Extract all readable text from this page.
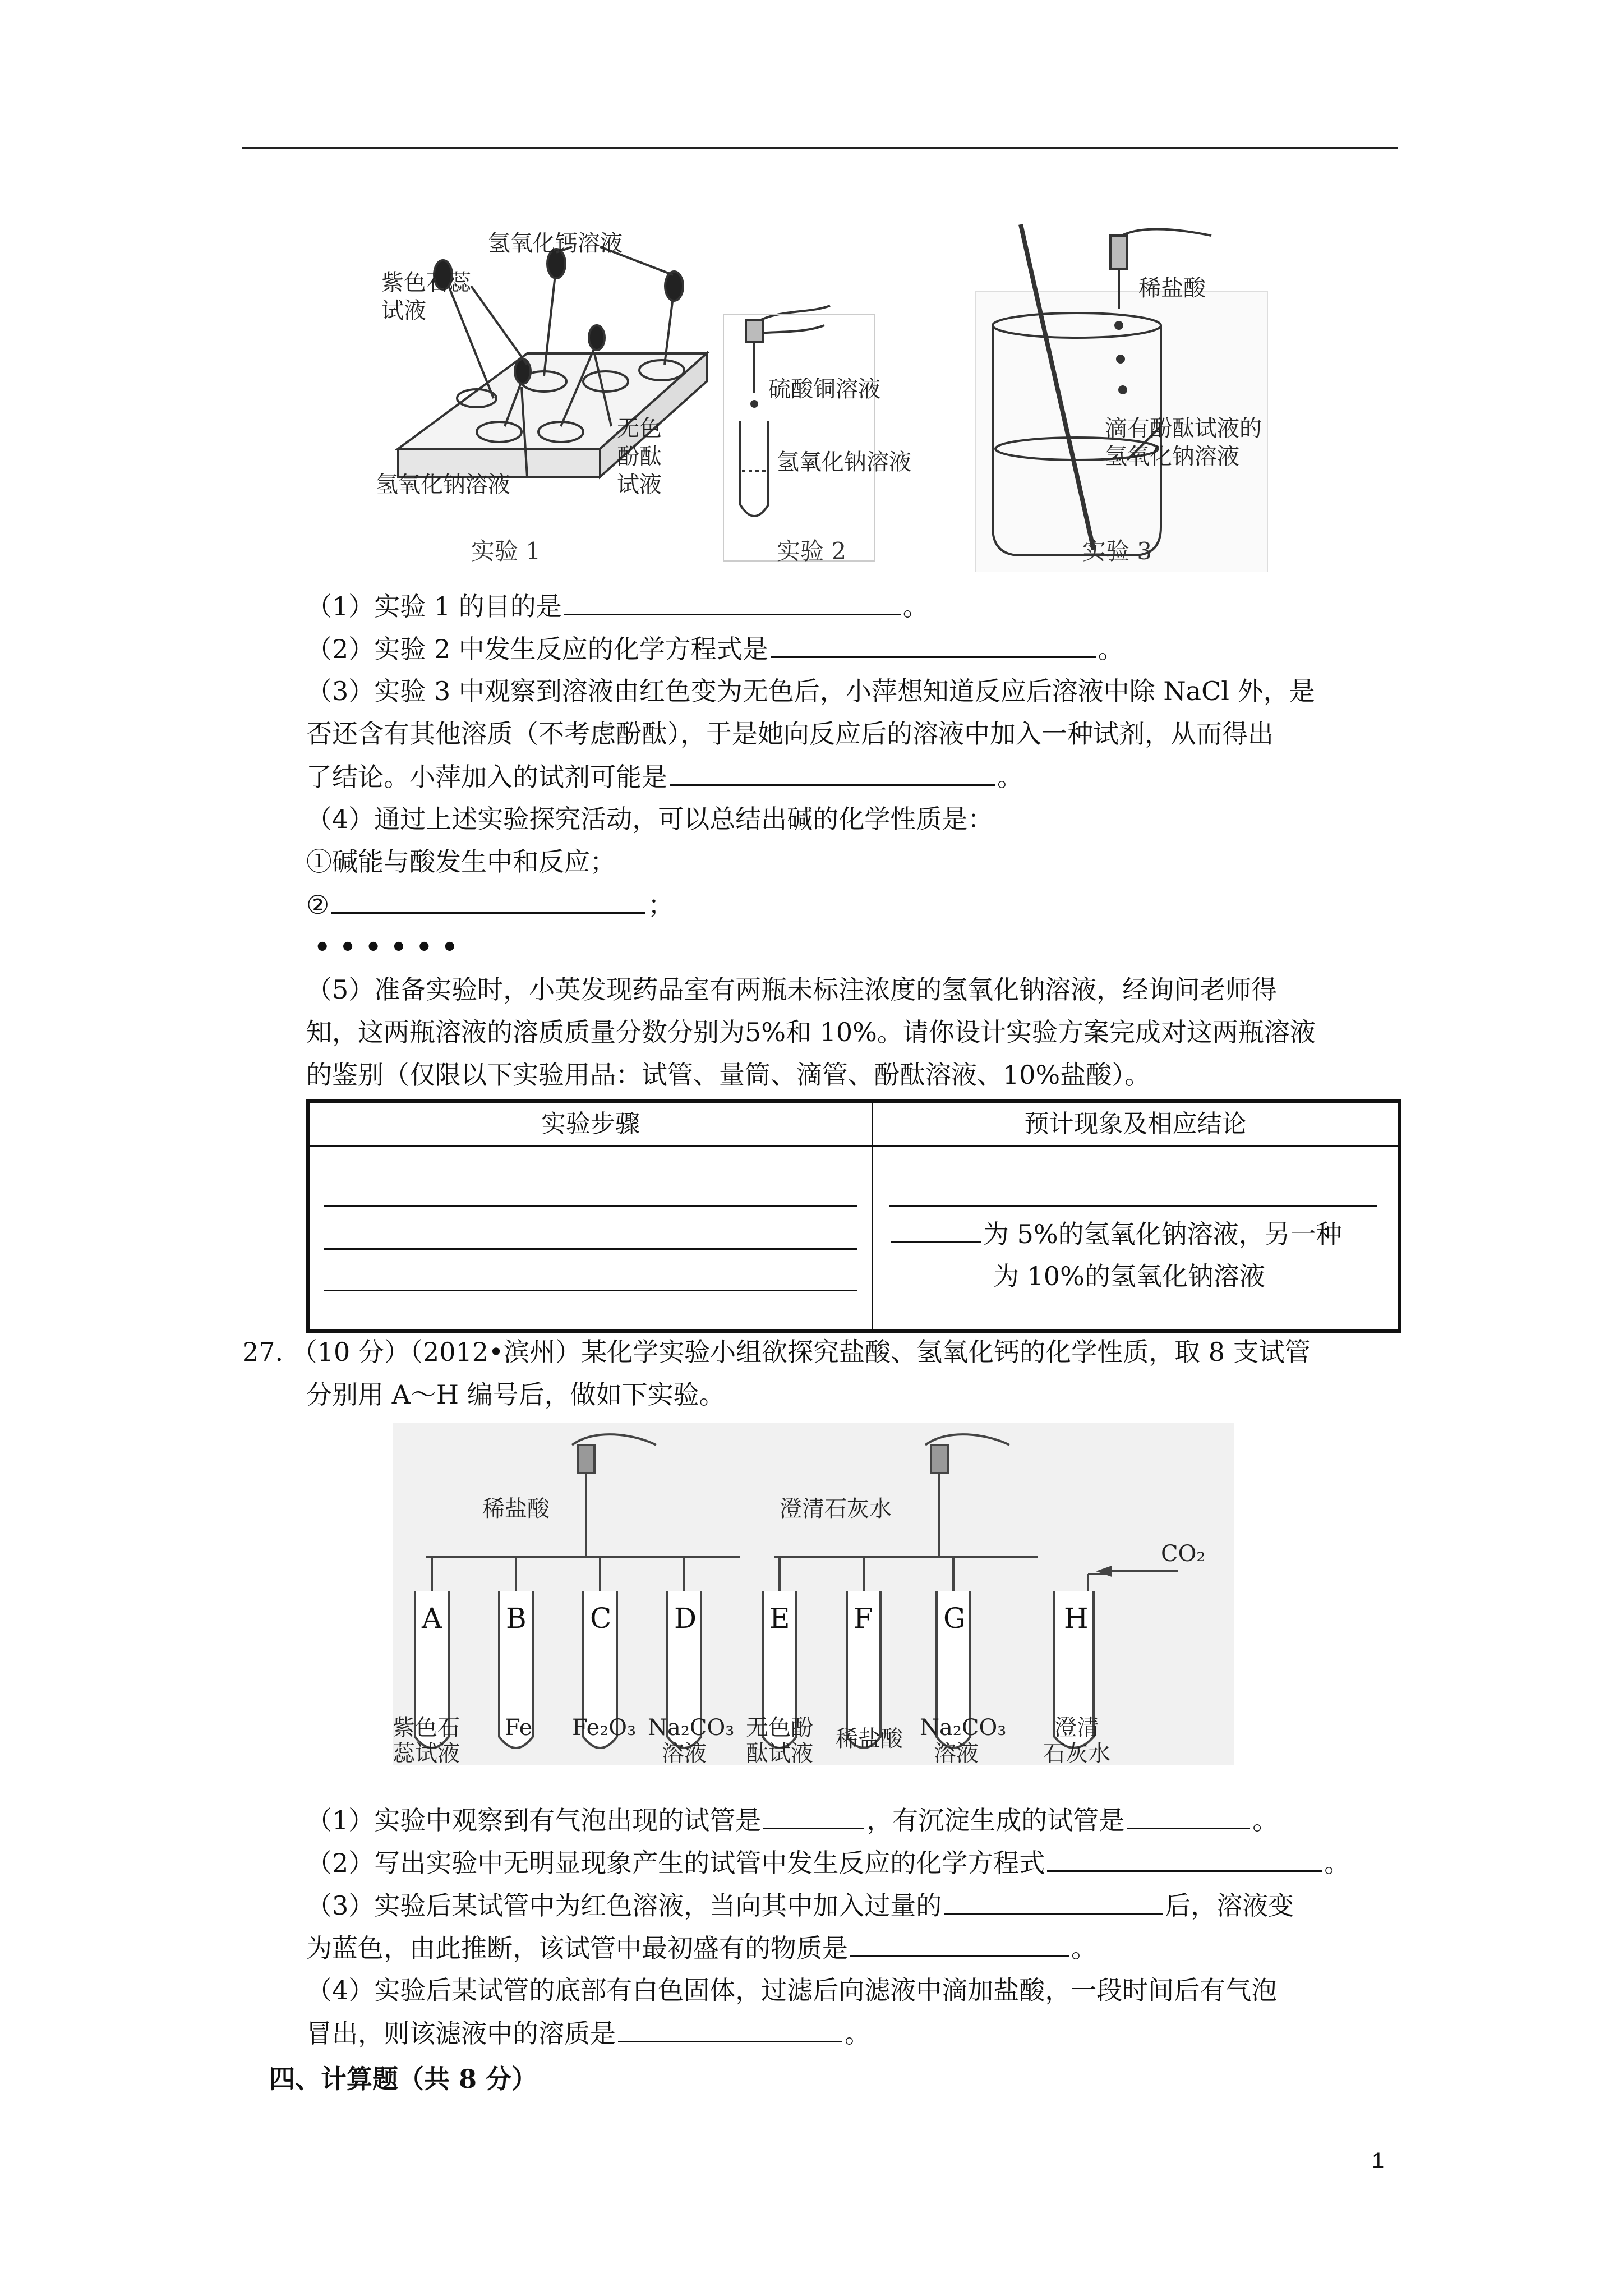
氢氧化钙溶液
紫色石蕊
试液
无色
酚酞
试液
氢氧化钠溶液
实验 1
硫酸铜溶液
氢氧化钠溶液
实验 2
稀盐酸
滴有酚酞试液的
氢氧化钠溶液
实验 3
（1）实验 1 的目的是	。
（2）实验 2 中发生反应的化学方程式是	。
（3）实验 3 中观察到溶液由红色变为无色后，小萍想知道反应后溶液中除 NaCl 外，是
否还含有其他溶质（不考虑酚酞），于是她向反应后的溶液中加入一种试剂，从而得出
了结论。小萍加入的试剂可能是	。
（4）通过上述实验探究活动，可以总结出碱的化学性质是：
①碱能与酸发生中和反应；
②	；
• • • • • •
（5）准备实验时，小英发现药品室有两瓶未标注浓度的氢氧化钠溶液，经询问老师得
知，这两瓶溶液的溶质质量分数分别为5%和 10%。请你设计实验方案完成对这两瓶溶液
的鉴别（仅限以下实验用品：试管、量筒、滴管、酚酞溶液、10%盐酸）。
实验步骤	预计现象及相应结论

	为 5%的氢氧化钠溶液，另一种
为 10%的氢氧化钠溶液
27. （10 分）（2012•滨州）某化学实验小组欲探究盐酸、氢氧化钙的化学性质，取 8 支试管
分别用 A～H 编号后，做如下实验。
A B C D	E F	G	H
稀盐酸	澄清石灰水
CO₂
紫色石
蕊试液
Fe Fe₂O₃ Na₂CO₃
溶液
无色酚
酞试液
稀盐酸 Na₂CO₃
溶液
澄清
石灰水
（1）实验中观察到有气泡出现的试管是	，有沉淀生成的试管是	。
（2）写出实验中无明显现象产生的试管中发生反应的化学方程式	。
（3）实验后某试管中为红色溶液，当向其中加入过量的	后，溶液变
为蓝色，由此推断，该试管中最初盛有的物质是	。
（4）实验后某试管的底部有白色固体，过滤后向滤液中滴加盐酸，一段时间后有气泡
冒出，则该滤液中的溶质是	。
四、计算题（共 8 分）
1
